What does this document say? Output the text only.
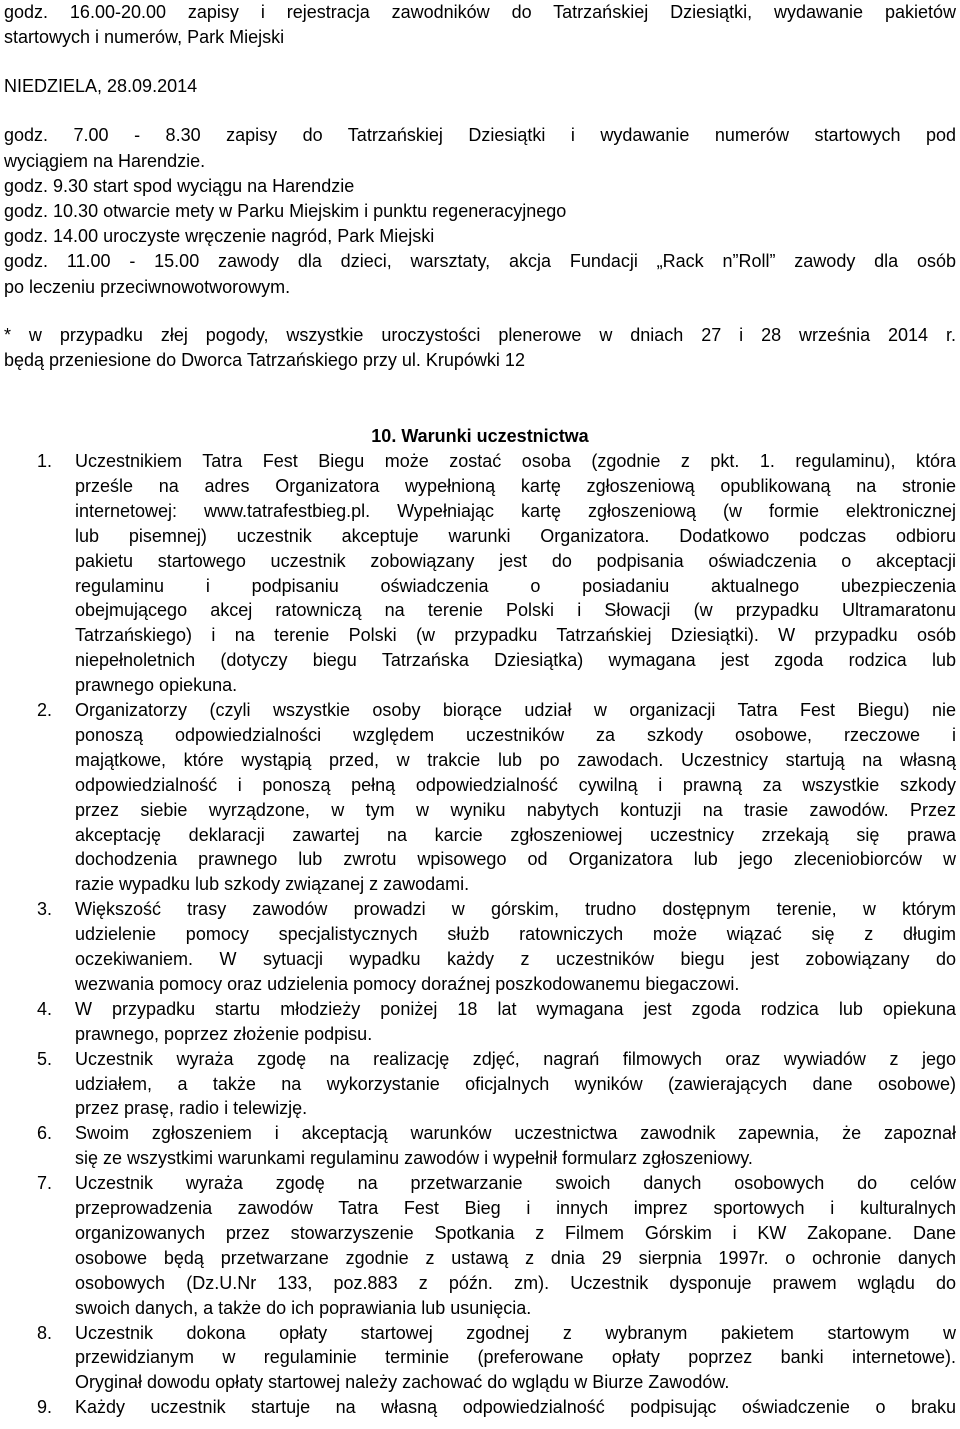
godz. 16.00-20.00 zapisy i rejestracja zawodników do Tatrzańskiej Dziesiątki, wydawanie pakietów
startowych i numerów, Park Miejski
NIEDZIELA, 28.09.2014
godz.  7.00  -  8.30  zapisy  do  Tatrzańskiej  Dziesiątki  i  wydawanie  numerów  startowych  pod
wyciągiem na Harendzie.
godz. 9.30 start spod wyciągu na Harendzie
godz. 10.30 otwarcie mety w Parku Miejskim i punktu regeneracyjnego
godz. 14.00 uroczyste wręczenie nagród, Park Miejski
godz. 11.00 - 15.00 zawody dla dzieci, warsztaty, akcja Fundacji „Rack n”Roll” zawody dla osób
po leczeniu przeciwnowotworowym.
* w przypadku złej pogody, wszystkie uroczystości plenerowe w dniach 27 i 28 września 2014 r.
będą przeniesione do Dworca Tatrzańskiego przy ul. Krupówki 12
10. Warunki uczestnictwa
1.	Uczestnikiem Tatra Fest Biegu może zostać osoba (zgodnie z pkt. 1. regulaminu), która
prześle na adres Organizatora wypełnioną kartę zgłoszeniową opublikowaną na stronie
internetowej: www.tatrafestbieg.pl. Wypełniając kartę zgłoszeniową (w formie elektronicznej
lub pisemnej) uczestnik akceptuje warunki Organizatora. Dodatkowo podczas odbioru
pakietu startowego uczestnik zobowiązany jest do podpisania oświadczenia o akceptacji
regulaminu i podpisaniu oświadczenia o posiadaniu aktualnego ubezpieczenia
obejmującego akcej ratowniczą na terenie Polski i Słowacji (w przypadku Ultramaratonu
Tatrzańskiego) i na terenie Polski (w przypadku Tatrzańskiej Dziesiątki). W przypadku osób
niepełnoletnich (dotyczy biegu Tatrzańska Dziesiątka) wymagana jest zgoda rodzica lub
prawnego opiekuna.
2.	Organizatorzy (czyli wszystkie osoby biorące udział w organizacji Tatra Fest Biegu) nie
ponoszą odpowiedzialności względem uczestników za szkody osobowe, rzeczowe i
majątkowe, które wystąpią przed, w trakcie lub po zawodach. Uczestnicy startują na własną
odpowiedzialność i ponoszą pełną odpowiedzialność cywilną i prawną za wszystkie szkody
przez siebie wyrządzone, w tym w wyniku nabytych kontuzji na trasie zawodów. Przez
akceptację deklaracji zawartej na karcie zgłoszeniowej uczestnicy zrzekają się prawa
dochodzenia prawnego lub zwrotu wpisowego od Organizatora lub jego zleceniobiorców w
razie wypadku lub szkody związanej z zawodami.
3.	Większość trasy zawodów prowadzi w górskim, trudno dostępnym terenie, w którym
udzielenie pomocy specjalistycznych służb ratowniczych może wiązać się z długim
oczekiwaniem. W sytuacji wypadku każdy z uczestników biegu jest zobowiązany do
wezwania pomocy oraz udzielenia pomocy doraźnej poszkodowanemu biegaczowi.
4.	W przypadku startu młodzieży poniżej 18 lat wymagana jest zgoda rodzica lub opiekuna
prawnego, poprzez złożenie podpisu.
5.	Uczestnik wyraża zgodę na realizację zdjęć, nagrań filmowych oraz wywiadów z jego
udziałem, a także na wykorzystanie oficjalnych wyników (zawierających dane osobowe)
przez prasę, radio i telewizję.
6.	Swoim zgłoszeniem i akceptacją warunków uczestnictwa zawodnik zapewnia, że zapoznał
się ze wszystkimi warunkami regulaminu zawodów i wypełnił formularz zgłoszeniowy.
7.	Uczestnik wyraża zgodę na przetwarzanie swoich danych osobowych do celów
przeprowadzenia zawodów Tatra Fest Bieg i innych imprez sportowych i kulturalnych
organizowanych przez stowarzyszenie Spotkania z Filmem Górskim i KW Zakopane. Dane
osobowe będą przetwarzane zgodnie z ustawą z dnia 29 sierpnia 1997r. o ochronie danych
osobowych (Dz.U.Nr 133, poz.883 z późn. zm). Uczestnik dysponuje prawem wglądu do
swoich danych, a także do ich poprawiania lub usunięcia.
8.	Uczestnik dokona opłaty startowej zgodnej z wybranym pakietem startowym w
przewidzianym w regulaminie terminie (preferowane opłaty poprzez banki internetowe).
Oryginał dowodu opłaty startowej należy zachować do wglądu w Biurze Zawodów.
9.	Każdy uczestnik startuje na własną odpowiedzialność podpisując oświadczenie o braku
